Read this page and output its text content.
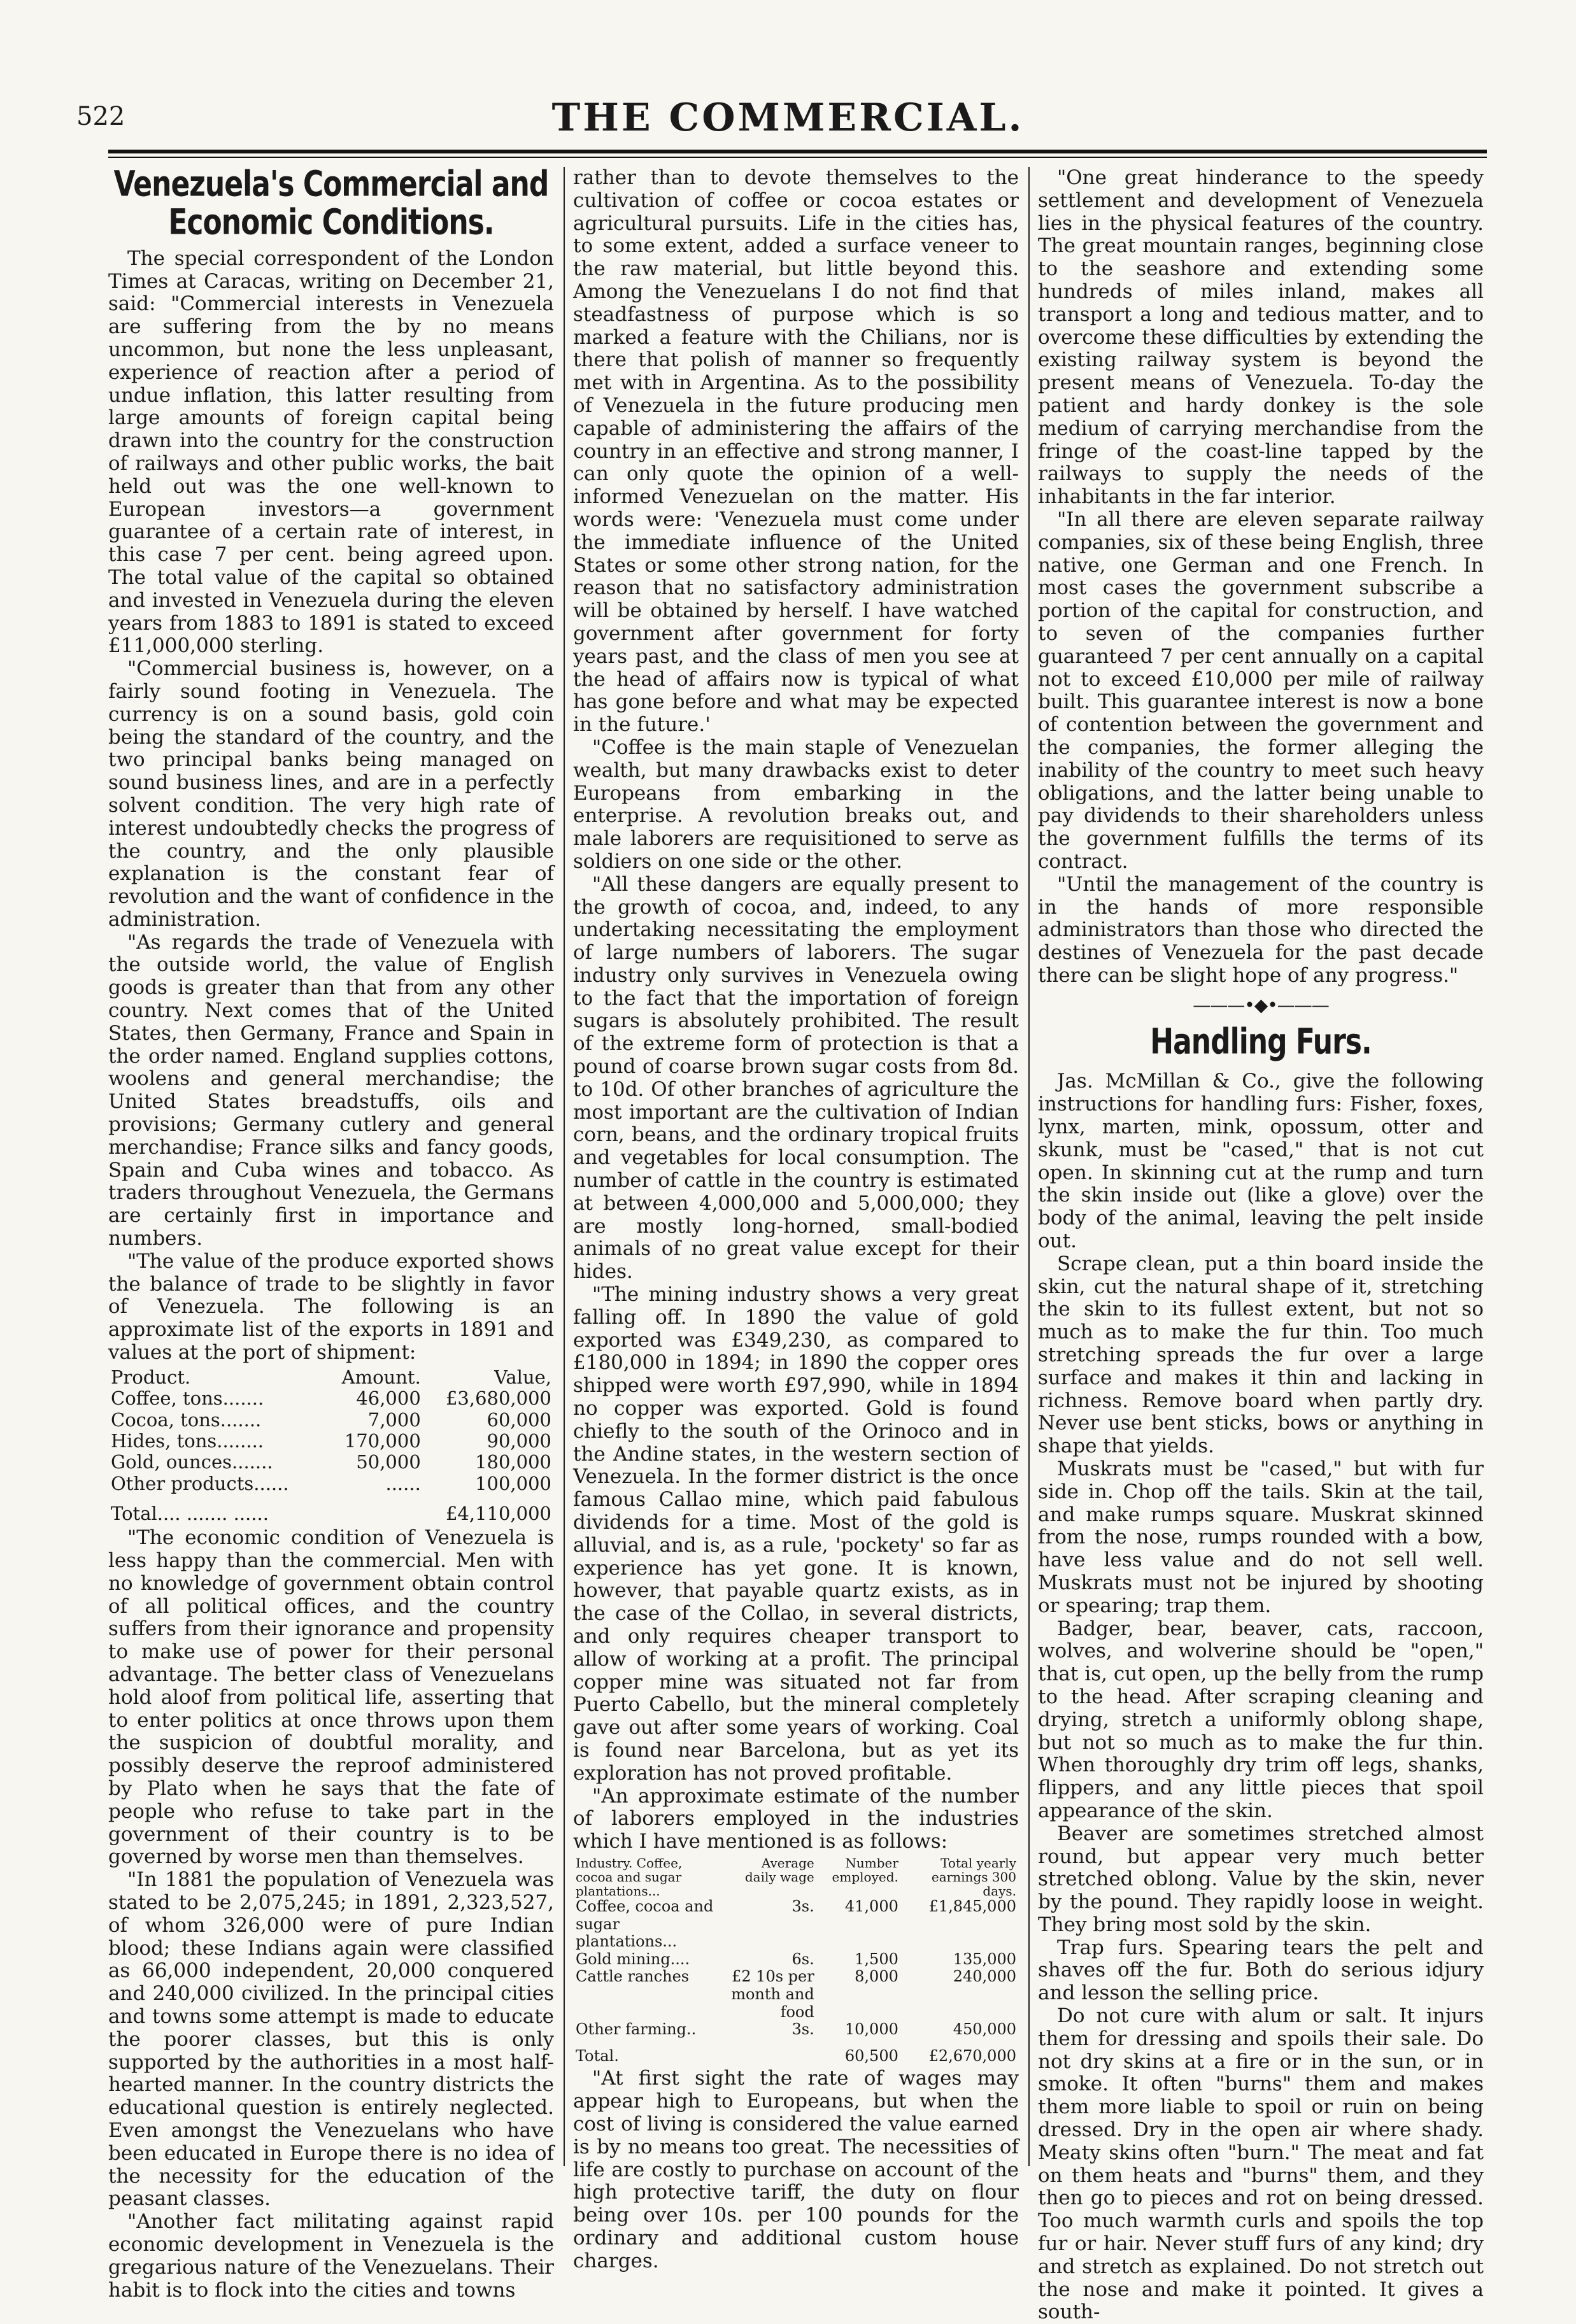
522	THE COMMERCIAL.
Venezuela's Commercial and Economic Conditions.

The special correspondent of the London Times at Caracas, writing on December 21, said: "Commercial interests in Venezuela are suffering from the by no means uncommon, but none the less unpleasant, experience of reaction after a period of undue inflation, this latter resulting from large amounts of foreign capital being drawn into the country for the construction of railways and other public works, the bait held out was the one well-known to European investors—a government guarantee of a certain rate of interest, in this case 7 per cent. being agreed upon. The total value of the capital so obtained and invested in Venezuela during the eleven years from 1883 to 1891 is stated to exceed £11,000,000 sterling.

"Commercial business is, however, on a fairly sound footing in Venezuela. The currency is on a sound basis, gold coin being the standard of the country, and the two principal banks being managed on sound business lines, and are in a perfectly solvent condition. The very high rate of interest undoubtedly checks the progress of the country, and the only plausible explanation is the constant fear of revolution and the want of confidence in the administration.

"As regards the trade of Venezuela with the outside world, the value of English goods is greater than that from any other country. Next comes that of the United States, then Germany, France and Spain in the order named. England supplies cottons, woolens and general merchandise; the United States breadstuffs, oils and provisions; Germany cutlery and general merchandise; France silks and fancy goods, Spain and Cuba wines and tobacco. As traders throughout Venezuela, the Germans are certainly first in importance and numbers.

"The value of the produce exported shows the balance of trade to be slightly in favor of Venezuela. The following is an approximate list of the exports in 1891 and values at the port of shipment:

Product.	Amount.	Value,
Coffee, tons.......	46,000	£3,680,000
Cocoa, tons.......	7,000	60,000
Hides, tons........	170,000	90,000
Gold, ounces.......	50,000	180,000
Other products......	......	100,000
Total.... ....... ......		£4,110,000

"The economic condition of Venezuela is less happy than the commercial. Men with no knowledge of government obtain control of all political offices, and the country suffers from their ignorance and propensity to make use of power for their personal advantage. The better class of Venezuelans hold aloof from political life, asserting that to enter politics at once throws upon them the suspicion of doubtful morality, and possibly deserve the reproof administered by Plato when he says that the fate of people who refuse to take part in the government of their country is to be governed by worse men than themselves.

"In 1881 the population of Venezuela was stated to be 2,075,245; in 1891, 2,323,527, of whom 326,000 were of pure Indian blood; these Indians again were classified as 66,000 independent, 20,000 conquered and 240,000 civilized. In the principal cities and towns some attempt is made to educate the poorer classes, but this is only supported by the authorities in a most half-hearted manner. In the country districts the educational question is entirely neglected. Even amongst the Venezuelans who have been educated in Europe there is no idea of the necessity for the education of the peasant classes.

"Another fact militating against rapid economic development in Venezuela is the gregarious nature of the Venezuelans. Their habit is to flock into the cities and towns

rather than to devote themselves to the cultivation of coffee or cocoa estates or agricultural pursuits. Life in the cities has, to some extent, added a surface veneer to the raw material, but little beyond this. Among the Venezuelans I do not find that steadfastness of purpose which is so marked a feature with the Chilians, nor is there that polish of manner so frequently met with in Argentina. As to the possibility of Venezuela in the future producing men capable of administering the affairs of the country in an effective and strong manner, I can only quote the opinion of a well-informed Venezuelan on the matter. His words were: 'Venezuela must come under the immediate influence of the United States or some other strong nation, for the reason that no satisfactory administration will be obtained by herself. I have watched government after government for forty years past, and the class of men you see at the head of affairs now is typical of what has gone before and what may be expected in the future.'

"Coffee is the main staple of Venezuelan wealth, but many drawbacks exist to deter Europeans from embarking in the enterprise. A revolution breaks out, and male laborers are requisitioned to serve as soldiers on one side or the other.

"All these dangers are equally present to the growth of cocoa, and, indeed, to any undertaking necessitating the employment of large numbers of laborers. The sugar industry only survives in Venezuela owing to the fact that the importation of foreign sugars is absolutely prohibited. The result of the extreme form of protection is that a pound of coarse brown sugar costs from 8d. to 10d. Of other branches of agriculture the most important are the cultivation of Indian corn, beans, and the ordinary tropical fruits and vegetables for local consumption. The number of cattle in the country is estimated at between 4,000,000 and 5,000,000; they are mostly long-horned, small-bodied animals of no great value except for their hides.

"The mining industry shows a very great falling off. In 1890 the value of gold exported was £349,230, as compared to £180,000 in 1894; in 1890 the copper ores shipped were worth £97,990, while in 1894 no copper was exported. Gold is found chiefly to the south of the Orinoco and in the Andine states, in the western section of Venezuela. In the former district is the once famous Callao mine, which paid fabulous dividends for a time. Most of the gold is alluvial, and is, as a rule, 'pockety' so far as experience has yet gone. It is known, however, that payable quartz exists, as in the case of the Collao, in several districts, and only requires cheaper transport to allow of working at a profit. The principal copper mine was situated not far from Puerto Cabello, but the mineral completely gave out after some years of working. Coal is found near Barcelona, but as yet its exploration has not proved profitable.

"An approximate estimate of the number of laborers employed in the industries which I have mentioned is as follows:

Industry. Coffee, cocoa and sugar plantations...	Average daily wage	Number employed.	Total yearly earnings 300 days.
Coffee, cocoa and sugar plantations...	3s.	41,000	£1,845,000
Gold mining....	6s.	1,500	135,000
Cattle ranches	£2 10s per month and food	8,000	240,000
Other farming..	3s.	10,000	450,000
Total.		60,500	£2,670,000

"At first sight the rate of wages may appear high to Europeans, but when the cost of living is considered the value earned is by no means too great. The necessities of life are costly to purchase on account of the high protective tariff, the duty on flour being over 10s. per 100 pounds for the ordinary and additional custom house charges.

"One great hinderance to the speedy settlement and development of Venezuela lies in the physical features of the country. The great mountain ranges, beginning close to the seashore and extending some hundreds of miles inland, makes all transport a long and tedious matter, and to overcome these difficulties by extending the existing railway system is beyond the present means of Venezuela. To-day the patient and hardy donkey is the sole medium of carrying merchandise from the fringe of the coast-line tapped by the railways to supply the needs of the inhabitants in the far interior.

"In all there are eleven separate railway companies, six of these being English, three native, one German and one French. In most cases the government subscribe a portion of the capital for construction, and to seven of the companies further guaranteed 7 per cent annually on a capital not to exceed £10,000 per mile of railway built. This guarantee interest is now a bone of contention between the government and the companies, the former alleging the inability of the country to meet such heavy obligations, and the latter being unable to pay dividends to their shareholders unless the government fulfills the terms of its contract.

"Until the management of the country is in the hands of more responsible administrators than those who directed the destines of Venezuela for the past decade there can be slight hope of any progress."

———•◆•———
Handling Furs.

Jas. McMillan & Co., give the following instructions for handling furs: Fisher, foxes, lynx, marten, mink, opossum, otter and skunk, must be "cased," that is not cut open. In skinning cut at the rump and turn the skin inside out (like a glove) over the body of the animal, leaving the pelt inside out.

Scrape clean, put a thin board inside the skin, cut the natural shape of it, stretching the skin to its fullest extent, but not so much as to make the fur thin. Too much stretching spreads the fur over a large surface and makes it thin and lacking in richness. Remove board when partly dry. Never use bent sticks, bows or anything in shape that yields.

Muskrats must be "cased," but with fur side in. Chop off the tails. Skin at the tail, and make rumps square. Muskrat skinned from the nose, rumps rounded with a bow, have less value and do not sell well. Muskrats must not be injured by shooting or spearing; trap them.

Badger, bear, beaver, cats, raccoon, wolves, and wolverine should be "open," that is, cut open, up the belly from the rump to the head. After scraping cleaning and drying, stretch a uniformly oblong shape, but not so much as to make the fur thin. When thoroughly dry trim off legs, shanks, flippers, and any little pieces that spoil appearance of the skin.

Beaver are sometimes stretched almost round, but appear very much better stretched oblong. Value by the skin, never by the pound. They rapidly loose in weight. They bring most sold by the skin.

Trap furs. Spearing tears the pelt and shaves off the fur. Both do serious idjury and lesson the selling price.

Do not cure with alum or salt. It injurs them for dressing and spoils their sale. Do not dry skins at a fire or in the sun, or in smoke. It often "burns" them and makes them more liable to spoil or ruin on being dressed. Dry in the open air where shady. Meaty skins often "burn." The meat and fat on them heats and "burns" them, and they then go to pieces and rot on being dressed. Too much warmth curls and spoils the top fur or hair. Never stuff furs of any kind; dry and stretch as explained. Do not stretch out the nose and make it pointed. It gives a south-
